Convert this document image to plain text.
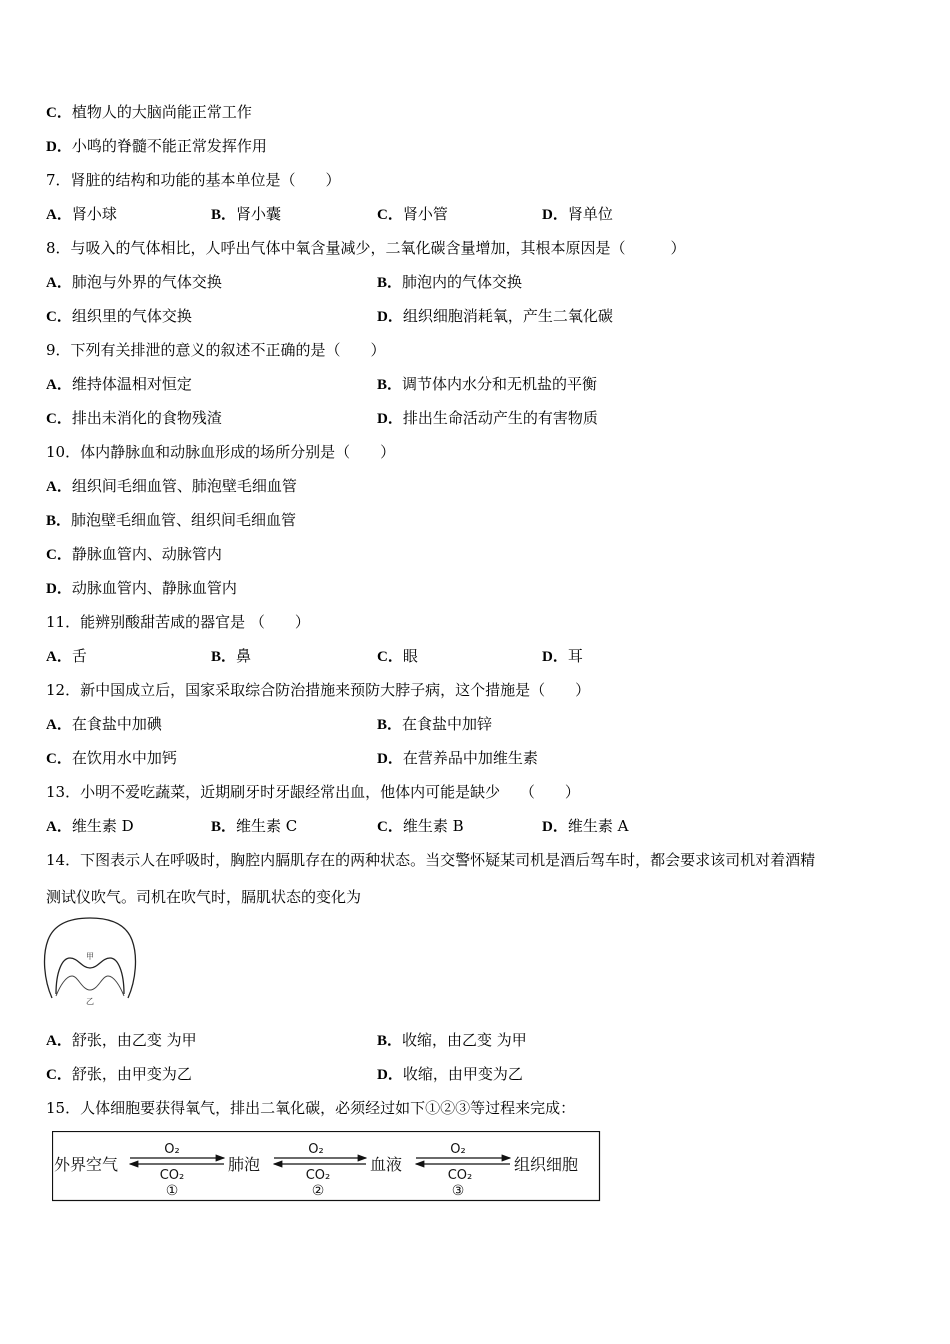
C．植物人的大脑尚能正常工作
D．小鸣的脊髓不能正常发挥作用
7．肾脏的结构和功能的基本单位是（　　）
A．肾小球	B．肾小囊	C．肾小管	D．肾单位
8．与吸入的气体相比，人呼出气体中氧含量减少，二氧化碳含量增加，其根本原因是（　　　）
A．肺泡与外界的气体交换	B．肺泡内的气体交换
C．组织里的气体交换	D．组织细胞消耗氧，产生二氧化碳
9．下列有关排泄的意义的叙述不正确的是（　　）
A．维持体温相对恒定	B．调节体内水分和无机盐的平衡
C．排出未消化的食物残渣	D．排出生命活动产生的有害物质
10．体内静脉血和动脉血形成的场所分别是（　　）
A．组织间毛细血管、肺泡壁毛细血管
B．肺泡壁毛细血管、组织间毛细血管
C．静脉血管内、动脉管内
D．动脉血管内、静脉血管内
11．能辨别酸甜苦咸的器官是 （　　）
A．舌	B．鼻	C．眼	D．耳
12．新中国成立后，国家采取综合防治措施来预防大脖子病，这个措施是（　　）
A．在食盐中加碘	B．在食盐中加锌
C．在饮用水中加钙	D．在营养品中加维生素
13．小明不爱吃蔬菜，近期刷牙时牙龈经常出血，他体内可能是缺少　 （　　）
A．维生素 D	B．维生素 C	C．维生素 B	D．维生素 A
14．下图表示人在呼吸时，胸腔内膈肌存在的两种状态。当交警怀疑某司机是酒后驾车时，都会要求该司机对着酒精
测试仪吹气。司机在吹气时，膈肌状态的变化为
甲
乙
A．舒张，由乙变 为甲	B．收缩，由乙变 为甲
C．舒张，由甲变为乙	D．收缩，由甲变为乙
15．人体细胞要获得氧气，排出二氧化碳，必须经过如下①②③等过程来完成：
外界空气	肺泡	血液	组织细胞
O₂
CO₂
①
O₂
CO₂
②
O₂
CO₂
③
